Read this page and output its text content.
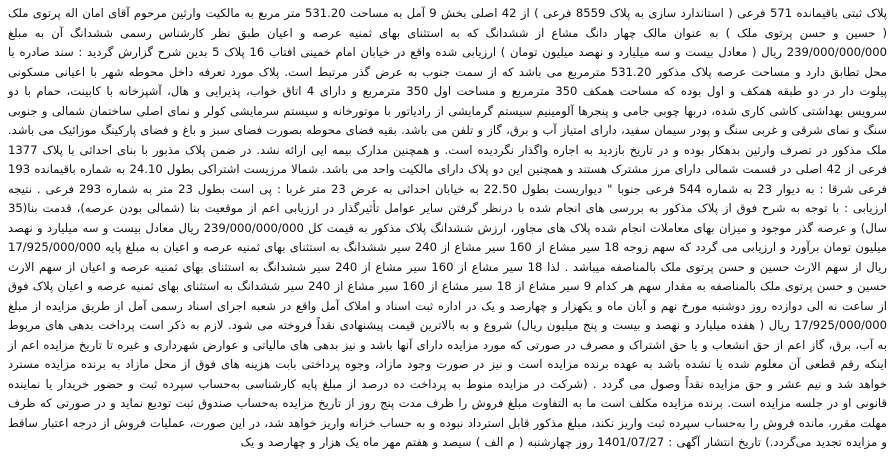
پلاک ثبتی باقیمانده 571 فرعی ( استاندارد سازی به پلاک 8559 فرعی ) از 42 اصلی بخش 9 آمل به مساحت 531.20 متر مربع به مالکیت وارثین مرحوم آقای امان اله پرتوی ملک ( حسین و حسن پرتوی ملک ) به عنوان مالک چهار دانگ مشاع از ششدانگ که به استثنای بهای ثمنیه عرصه و اعیان طبق نظر کارشناس رسمی ششدانگ آن به مبلغ 239/000/000/000 ریال ( معادل بیست و سه میلیارد و نهصد میلیون تومان ) ارزیابی شده واقع در خیابان امام خمینی افتاب 16 پلاک 5 بدین شرح گزارش گردید : سند صادره با محل تطابق دارد و مساحت عرصه پلاک مذکور 531.20 مترمربع می باشد که از سمت جنوب به عرض گذر مرتبط است. پلاک مورد تعرفه داخل محوطه شهر با اعیانی مسکونی پیلوت دار در دو طبقه همکف و اول بوده که مساحت همکف 350 مترمربع و مساحت اول 350 مترمربع و دارای 4 اتاق خواب، پذیرایی و هال، آشپزخانه با کابینت، حمام با دو سرویس بهداشتی کاشی کاری شده، دربها چوبی جامی و پنجرها آلومینیم سیستم گرمایشی از رادیاتور با موتورخانه و سیستم سرمایشی کولر و نمای اصلی ساختمان شمالی و جنوبی سنگ و نمای شرقی و غربی سنگ و پودر سیمان سفید، دارای امتیاز آب و برق، گاز و تلفن می باشد. بقیه فضای محوطه بصورت فضای سبز و باغ و فضای پارکینگ موزائیک می باشد. ملک مذکور در تصرف وارثین بدهکار بوده و در تاریخ بازدید به اجاره واگذار نگردیده است. و همچنین مدارک بیمه ایی ارائه نشد. در ضمن پلاک مذبور با بنای احداثی با پلاک 1377 فرعی از 42 اصلی در قسمت شمالی دارای مرز مشترک هستند و همچنین این دو پلاک دارای مالکیت واحد می باشد. شمالا مرزیست اشتراکی بطول 24.10 به شماره باقیمانده 193 فرعی شرقا : به دیوار 23 به شماره 544 فرعی جنوبا " دیواریست بطول 22.50 به خیابان احداثی به عرض 23 متر غربا : پی است بطول 23 متر به شماره 293 فرعی . نتیجه ارزیابی : با توجه به شرح فوق از پلاک مذکور به بررسی های انجام شده با درنظر گرفتن سایر عوامل تأثیرگذار در ارزیابی اعم از موقعیت بنا (شمالی بودن عرصه)، قدمت بنا(35 سال) و عرصه گذر موجود و میزان بهای معاملات انجام شده پلاک های مجاور، ارزش ششدانگ پلاک مذکور به قیمت کل 239/000/000/000 ریال معادل بیست و سه میلیارد و نهصد میلیون تومان برآورد و ارزیابی می گردد که سهم زوجه 18 سیر مشاع از 160 سیر مشاع از 240 سیر ششدانگ به استثنای بهای ثمنیه عرصه و اعیان به مبلغ پایه 17/925/000/000 ریال از سهم الارث حسین و حسن پرتوی ملک بالمناصفه میباشد . لذا 18 سیر مشاع از 160 سیر مشاع از 240 سیر ششدانگ به استثنای بهای ثمنیه عرصه و اعیان از سهم الارث حسین و حسن پرتوی ملک بالمناصفه به مقدار سهم هر کدام 9 سیر مشاع از 18 سیر مشاع از 160 سیر مشاع از 240 سیر ششدانگ به استثنای بهای ثمنیه عرصه و اعیان پلاک فوق از ساعت نه الی دوازده روز دوشنبه مورخ نهم و آبان ماه و یکهزار و چهارصد و یک در اداره ثبت اسناد و املاک آمل واقع در شعبه اجرای اسناد رسمی آمل از طریق مزایده از مبلغ 17/925/000/000 ریال ( هفده میلیارد و نهصد و بیست و پنج میلیون ریال) شروع و به بالاترین قیمت پیشنهادی نقداً فروخته می شود. لازم به ذکر است پرداخت بدهی های مربوط به آب، برق، گاز اعم از حق انشعاب و یا حق اشتراک و مصرف در صورتی که مورد مزایده دارای آنها باشد و نیز بدهی های مالیاتی و عوارض شهرداری و غیره تا تاریخ مزایده اعم از اینکه رقم قطعی آن معلوم شده یا نشده باشد به عهده برنده مزایده است و نیز در صورت وجود مازاد، وجوه پرداختی بابت هزینه های فوق از محل مازاد به برنده مزایده مسترد خواهد شد و نیم عشر و حق مزایده نقداً وصول می گردد . (شرکت در مزایده منوط به پرداخت ده درصد از مبلغ پایه کارشناسی به‌حساب سپرده ثبت و حضور خریدار یا نماینده قانونی او در جلسه مزایده است. برنده مزایده مکلف است ما به التفاوت مبلغ فروش را ظرف مدت پنج روز از تاریخ مزایده به‌حساب صندوق ثبت تودیع نماید و در صورتی که ظرف مهلت مقرر، مانده فروش را به‌حساب سپرده ثبت واریز نکند، مبلغ مذکور قابل استرداد نبوده و به حساب خزانه واریز خواهد شد، در این صورت، عملیات فروش از درجه اعتبار ساقط و مزایده تجدید می‌گردد.) تاریخ انتشار آگهی : 1401/07/27 روز چهارشنبه ( م الف ) سیصد و هفتم مهر ماه یک هزار و چهارصد و یک
